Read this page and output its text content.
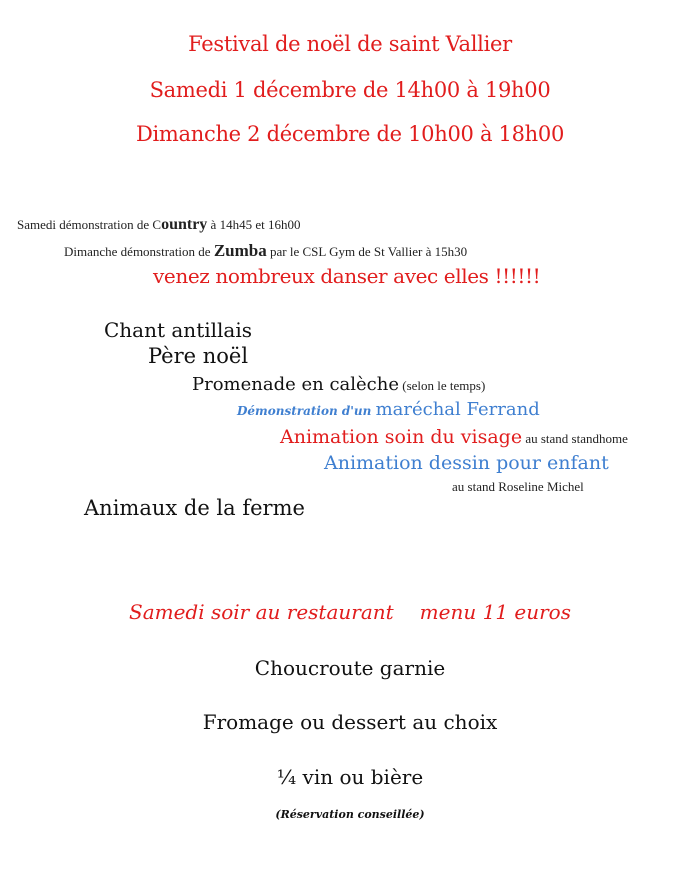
Festival de noël de saint Vallier
Samedi 1 décembre de 14h00 à 19h00
Dimanche 2 décembre de 10h00 à 18h00
Samedi démonstration de Country à 14h45 et 16h00
Dimanche démonstration de Zumba par le CSL Gym de St Vallier à 15h30
venez nombreux danser avec elles !!!!!!
Chant antillais
Père noël
Promenade en calèche (selon le temps)
Démonstration d'un maréchal Ferrand
Animation soin du visage au stand standhome
Animation dessin pour enfant
au stand Roseline Michel
Animaux de la ferme
Samedi soir au restaurant menu 11 euros
Choucroute garnie
Fromage ou dessert au choix
¼ vin ou bière
(Réservation conseillée)
